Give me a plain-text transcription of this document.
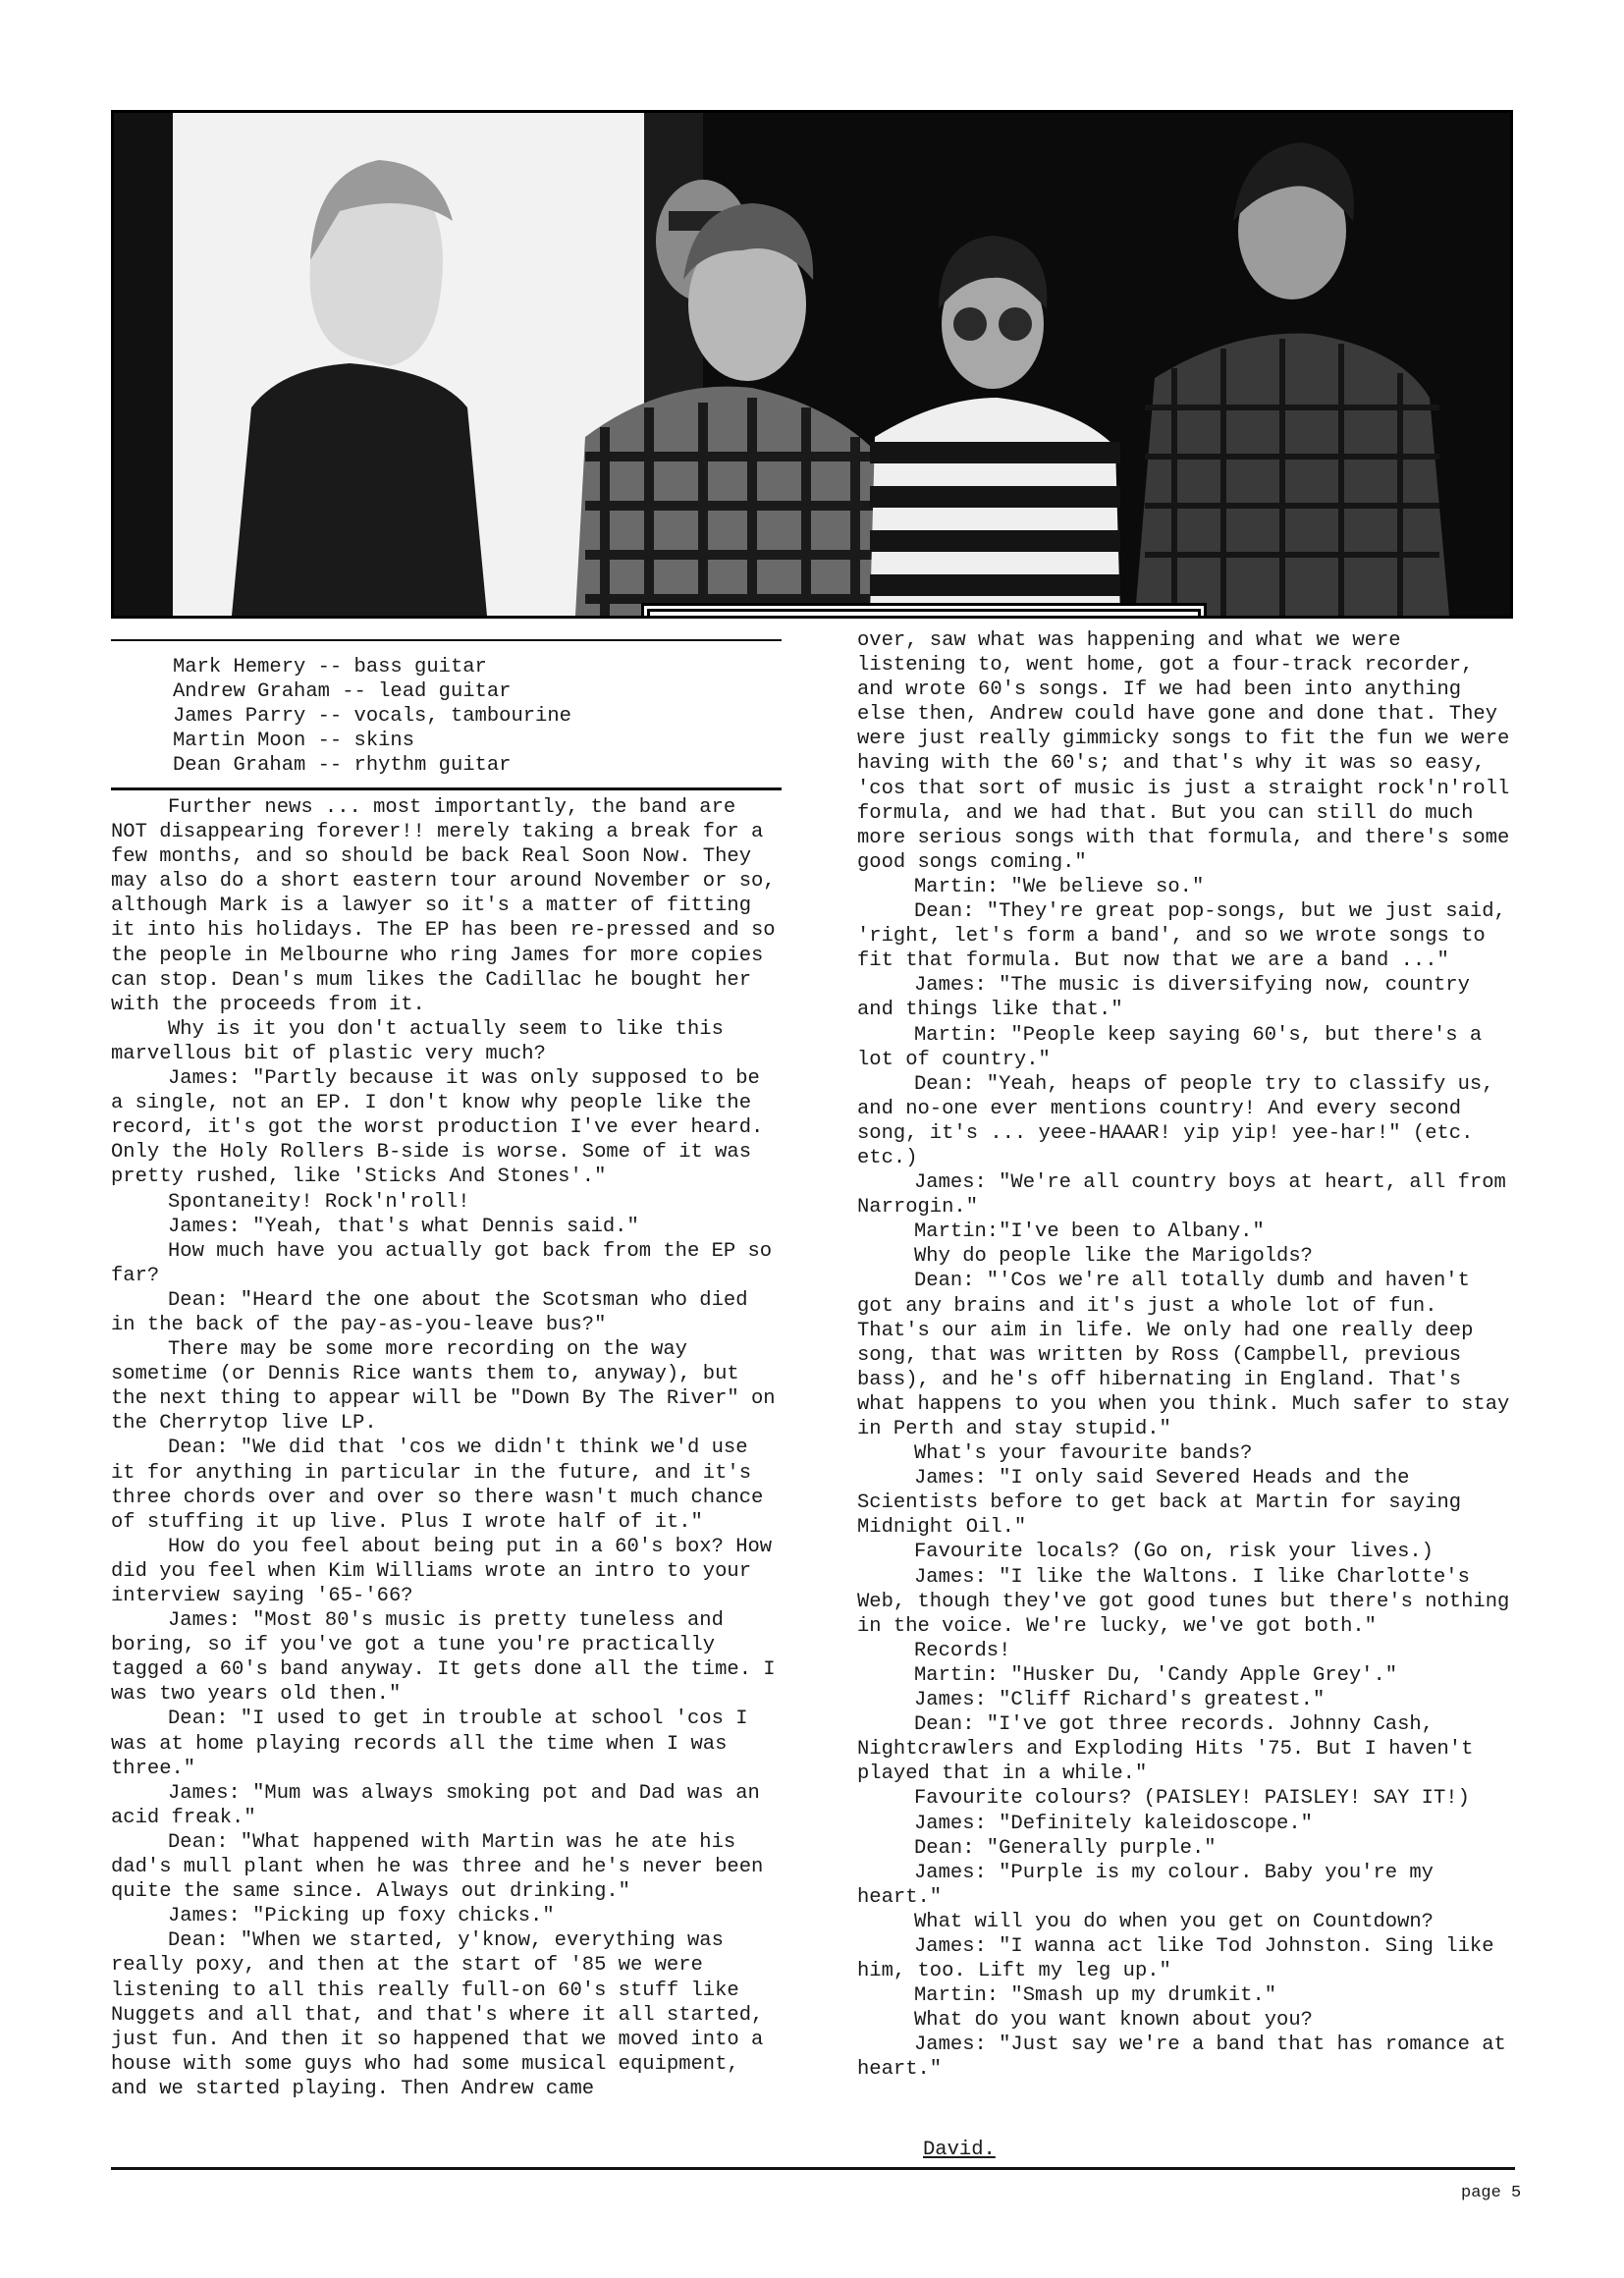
Mark Hemery -- bass guitar
Andrew Graham -- lead guitar
James Parry -- vocals, tambourine
Martin Moon -- skins
Dean Graham -- rhythm guitar

Further news ... most importantly, the band are NOT disappearing forever!! merely taking a break for a few months, and so should be back Real Soon Now. They may also do a short eastern tour around November or so, although Mark is a lawyer so it's a matter of fitting it into his holidays. The EP has been re-pressed and so the people in Melbourne who ring James for more copies can stop. Dean's mum likes the Cadillac he bought her with the proceeds from it.

Why is it you don't actually seem to like this marvellous bit of plastic very much?

James: "Partly because it was only supposed to be a single, not an EP. I don't know why people like the record, it's got the worst production I've ever heard. Only the Holy Rollers B-side is worse. Some of it was pretty rushed, like 'Sticks And Stones'."

Spontaneity! Rock'n'roll!

James: "Yeah, that's what Dennis said."

How much have you actually got back from the EP so far?

Dean: "Heard the one about the Scotsman who died in the back of the pay-as-you-leave bus?"

There may be some more recording on the way sometime (or Dennis Rice wants them to, anyway), but the next thing to appear will be "Down By The River" on the Cherrytop live LP.

Dean: "We did that 'cos we didn't think we'd use it for anything in particular in the future, and it's three chords over and over so there wasn't much chance of stuffing it up live. Plus I wrote half of it."

How do you feel about being put in a 60's box? How did you feel when Kim Williams wrote an intro to your interview saying '65-'66?

James: "Most 80's music is pretty tuneless and boring, so if you've got a tune you're practically tagged a 60's band anyway. It gets done all the time. I was two years old then."

Dean: "I used to get in trouble at school 'cos I was at home playing records all the time when I was three."

James: "Mum was always smoking pot and Dad was an acid freak."

Dean: "What happened with Martin was he ate his dad's mull plant when he was three and he's never been quite the same since. Always out drinking."

James: "Picking up foxy chicks."

Dean: "When we started, y'know, everything was really poxy, and then at the start of '85 we were listening to all this really full-on 60's stuff like Nuggets and all that, and that's where it all started, just fun. And then it so happened that we moved into a house with some guys who had some musical equipment, and we started playing. Then Andrew came

over, saw what was happening and what we were listening to, went home, got a four-track recorder, and wrote 60's songs. If we had been into anything else then, Andrew could have gone and done that. They were just really gimmicky songs to fit the fun we were having with the 60's; and that's why it was so easy, 'cos that sort of music is just a straight rock'n'roll formula, and we had that. But you can still do much more serious songs with that formula, and there's some good songs coming."

Martin: "We believe so."

Dean: "They're great pop-songs, but we just said, 'right, let's form a band', and so we wrote songs to fit that formula. But now that we are a band ..."

James: "The music is diversifying now, country and things like that."

Martin: "People keep saying 60's, but there's a lot of country."

Dean: "Yeah, heaps of people try to classify us, and no-one ever mentions country! And every second song, it's ... yeee-HAAAR! yip yip! yee-har!" (etc. etc.)

James: "We're all country boys at heart, all from Narrogin."

Martin:"I've been to Albany."

Why do people like the Marigolds?

Dean: "'Cos we're all totally dumb and haven't got any brains and it's just a whole lot of fun. That's our aim in life. We only had one really deep song, that was written by Ross (Campbell, previous bass), and he's off hibernating in England. That's what happens to you when you think. Much safer to stay in Perth and stay stupid."

What's your favourite bands?

James: "I only said Severed Heads and the Scientists before to get back at Martin for saying Midnight Oil."

Favourite locals? (Go on, risk your lives.)

James: "I like the Waltons. I like Charlotte's Web, though they've got good tunes but there's nothing in the voice. We're lucky, we've got both."

Records!

Martin: "Husker Du, 'Candy Apple Grey'."

James: "Cliff Richard's greatest."

Dean: "I've got three records. Johnny Cash, Nightcrawlers and Exploding Hits '75. But I haven't played that in a while."

Favourite colours? (PAISLEY! PAISLEY! SAY IT!)

James: "Definitely kaleidoscope."

Dean: "Generally purple."

James: "Purple is my colour. Baby you're my heart."

What will you do when you get on Countdown?

James: "I wanna act like Tod Johnston. Sing like him, too. Lift my leg up."

Martin: "Smash up my drumkit."

What do you want known about you?

James: "Just say we're a band that has romance at heart."

David.
page 5
